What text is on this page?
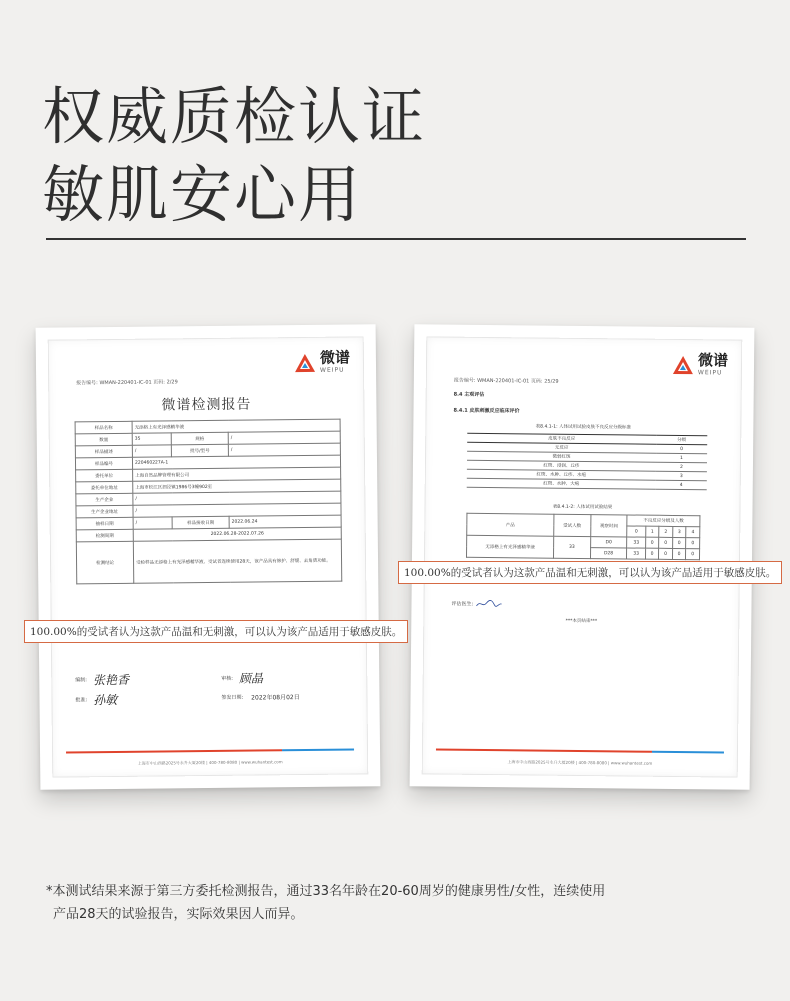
权威质检认证
敏肌安心用
微谱
WEIPU
报告编号: WMAN-220401-IC-01 页码: 2/29
微谱检测报告
样品名称	无添格上有光泽感精华液		
数量	35	规格	/
样品描述	/	批号/型号	/
样品编号	220460227A-1		
委托单位	上海自然品牌管理有限公司		
委托单位地址	上海市松江区泗泾镇1986号3幢902室		
生产企业	/		
生产企业地址	/		
抽样日期	/	样品接收日期	2022.06.24
检测周期	2022.06.28-2022.07.26		
检测结论	受检样品无添格上有光泽感精华液，受试者连续使用28天，该产品具有修护、舒缓、去角质功能。		
编制: 张艳香	审核: 顾晶
批准: 孙敏	签发日期: 2022年08月02日
上海市中山西路2025号永升大厦20楼 | 400-780-8080 | www.wuhantest.com
微谱
WEIPU
报告编号: WMAN-220401-IC-01 页码: 25/29
8.4 主观评估
8.4.1 皮肤刺激反应临床评价
表8.4.1-1: 人体试用试验皮肤不良反应分级标准
皮肤不良反应	分级
无反应	0
微弱红斑	1
红斑、浸润、丘疹	2
红斑、水肿、丘疹、水疱	3
红斑、水肿、大疱	4
表8.4.1-2: 人体试用试验结果
产品	受试人数	观察时间	不良反应分级及人数				
			0	1	2	3	4
无添格上有光泽感精华液	33	D0	33	0	0	0	0
		D28	33	0	0	0	0
评估医生:
***本页结束***
上海市中山西路2025号永升大厦20楼 | 400-780-8080 | www.wuhantest.com
100.00%的受试者认为这款产品温和无刺激，可以认为该产品适用于敏感皮肤。
100.00%的受试者认为这款产品温和无刺激，可以认为该产品适用于敏感皮肤。
*本测试结果来源于第三方委托检测报告，通过33名年龄在20-60周岁的健康男性/女性，连续使用
产品28天的试验报告，实际效果因人而异。
